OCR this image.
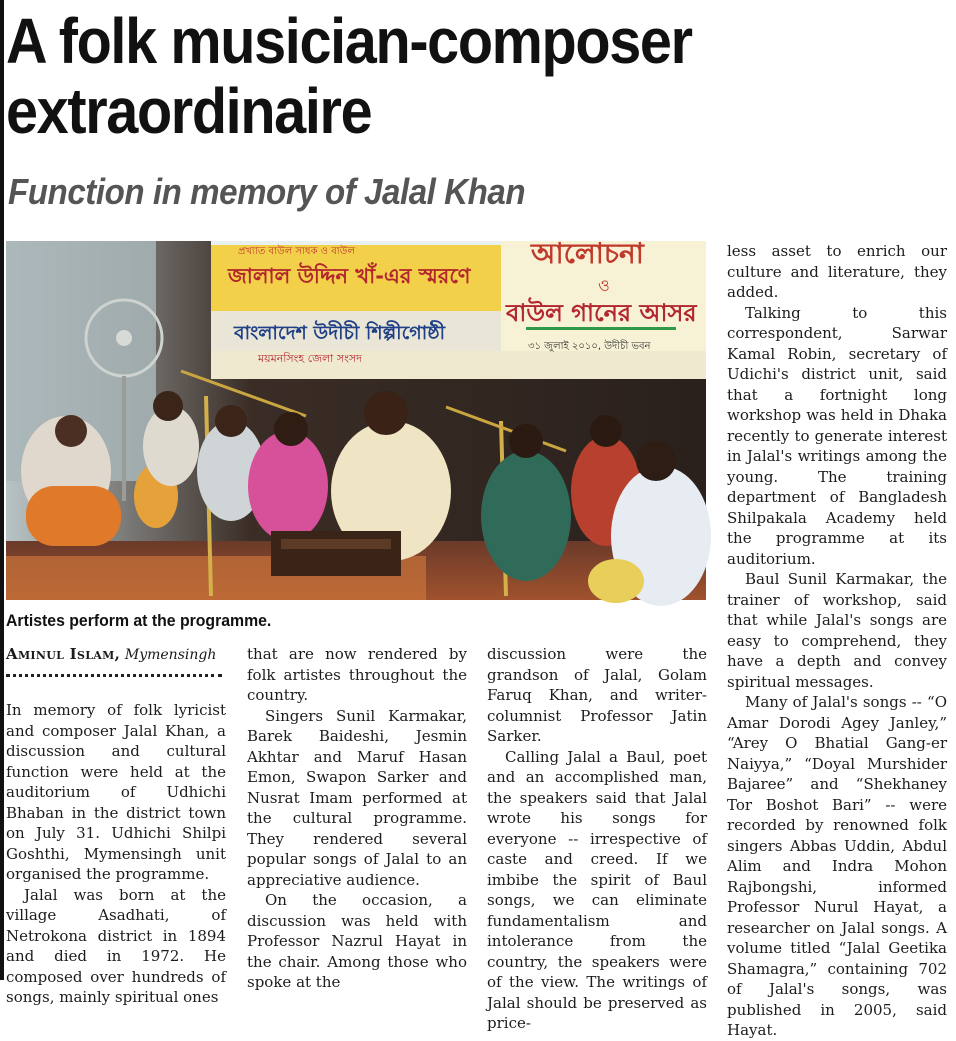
A folk musician-composer
extraordinaire
Function in memory of Jalal Khan
প্রখ্যাত বাউল সাধক ও বাউল
জালাল উদ্দিন খাঁ-এর স্মরণে
বাংলাদেশ উদীচী শিল্পীগোষ্ঠী
ময়মনসিংহ জেলা সংসদ
আলোচনা
ও
বাউল গানের আসর
৩১ জুলাই ২০১০, উদীচী ভবন
Artistes perform at the programme.
Aminul Islam, Mymensingh

In memory of folk lyricist and composer Jalal Khan, a discussion and cultural function were held at the auditorium of Udhichi Bhaban in the district town on July 31. Udhichi Shilpi Goshthi, Mymensingh unit organised the programme.

Jalal was born at the village Asadhati, of Netrokona district in 1894 and died in 1972. He composed over hundreds of songs, mainly spiritual ones

that are now rendered by folk artistes throughout the country.

Singers Sunil Karmakar, Barek Baideshi, Jesmin Akhtar and Maruf Hasan Emon, Swapon Sarker and Nusrat Imam performed at the cultural programme. They rendered several popular songs of Jalal to an appreciative audience.

On the occasion, a discussion was held with Professor Nazrul Hayat in the chair. Among those who spoke at the

discussion were the grandson of Jalal, Golam Faruq Khan, and writer-columnist Professor Jatin Sarker.

Calling Jalal a Baul, poet and an accomplished man, the speakers said that Jalal wrote his songs for everyone -- irrespective of caste and creed. If we imbibe the spirit of Baul songs, we can eliminate fundamentalism and intolerance from the country, the speakers were of the view. The writings of Jalal should be preserved as price-

less asset to enrich our culture and literature, they added.

Talking to this correspondent, Sarwar Kamal Robin, secretary of Udichi's district unit, said that a fortnight long workshop was held in Dhaka recently to generate interest in Jalal's writings among the young. The training department of Bangladesh Shilpakala Academy held the programme at its auditorium.

Baul Sunil Karmakar, the trainer of workshop, said that while Jalal's songs are easy to comprehend, they have a depth and convey spiritual messages.

Many of Jalal's songs -- “O Amar Dorodi Agey Janley,” “Arey O Bhatial Gang-er Naiyya,” “Doyal Murshider Bajaree” and “Shekhaney Tor Boshot Bari” -- were recorded by renowned folk singers Abbas Uddin, Abdul Alim and Indra Mohon Rajbongshi, informed Professor Nurul Hayat, a researcher on Jalal songs. A volume titled “Jalal Geetika Shamagra,” containing 702 of Jalal's songs, was published in 2005, said Hayat.
